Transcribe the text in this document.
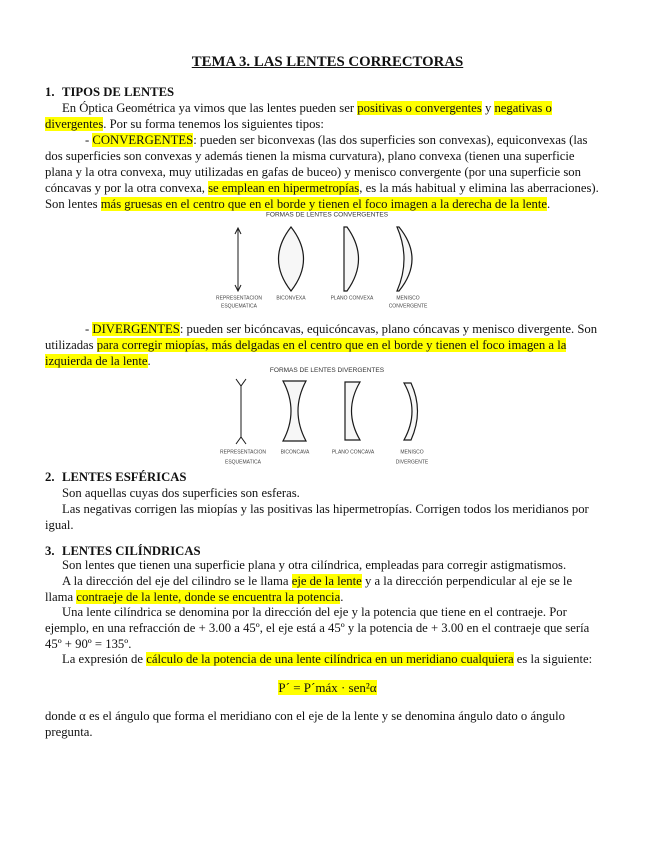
TEMA 3. LAS LENTES CORRECTORAS
1. TIPOS DE LENTES
En Óptica Geométrica ya vimos que las lentes pueden ser positivas o convergentes y negativas o
divergentes. Por su forma tenemos los siguientes tipos:
- CONVERGENTES: pueden ser biconvexas (las dos superficies son convexas), equiconvexas (las
dos superficies son convexas y además tienen la misma curvatura), plano convexa (tienen una superficie
plana y la otra convexa, muy utilizadas en gafas de buceo) y menisco convergente (por una superficie son
cóncavas y por la otra convexa, se emplean en hipermetropías, es la más habitual y elimina las aberraciones).
Son lentes más gruesas en el centro que en el borde y tienen el foco imagen a la derecha de la lente.
FORMAS DE LENTES CONVERGENTES
REPRESENTACION
ESQUEMATICA
BICONVEXA	PLANO CONVEXA	MENISCO
CONVERGENTE
- DIVERGENTES: pueden ser bicóncavas, equicóncavas, plano cóncavas y menisco divergente. Son
utilizadas para corregir miopías, más delgadas en el centro que en el borde y tienen el foco imagen a la
izquierda de la lente.
FORMAS DE LENTES DIVERGENTES
REPRESENTACION
ESQUEMATICA
BICONCAVA	PLANO CONCAVA	MENISCO
DIVERGENTE
2. LENTES ESFÉRICAS
Son aquellas cuyas dos superficies son esferas.
Las negativas corrigen las miopías y las positivas las hipermetropías. Corrigen todos los meridianos por
igual.
3. LENTES CILÍNDRICAS
Son lentes que tienen una superficie plana y otra cilíndrica, empleadas para corregir astigmatismos.
A la dirección del eje del cilindro se le llama eje de la lente y a la dirección perpendicular al eje se le
llama contraeje de la lente, donde se encuentra la potencia.
Una lente cilíndrica se denomina por la dirección del eje y la potencia que tiene en el contraeje. Por
ejemplo, en una refracción de + 3.00 a 45º, el eje está a 45º y la potencia de + 3.00 en el contraeje que sería
45º + 90º = 135º.
La expresión de cálculo de la potencia de una lente cilíndrica en un meridiano cualquiera es la siguiente:
P´ = P´máx · sen²α
donde α es el ángulo que forma el meridiano con el eje de la lente y se denomina ángulo dato o ángulo
pregunta.
